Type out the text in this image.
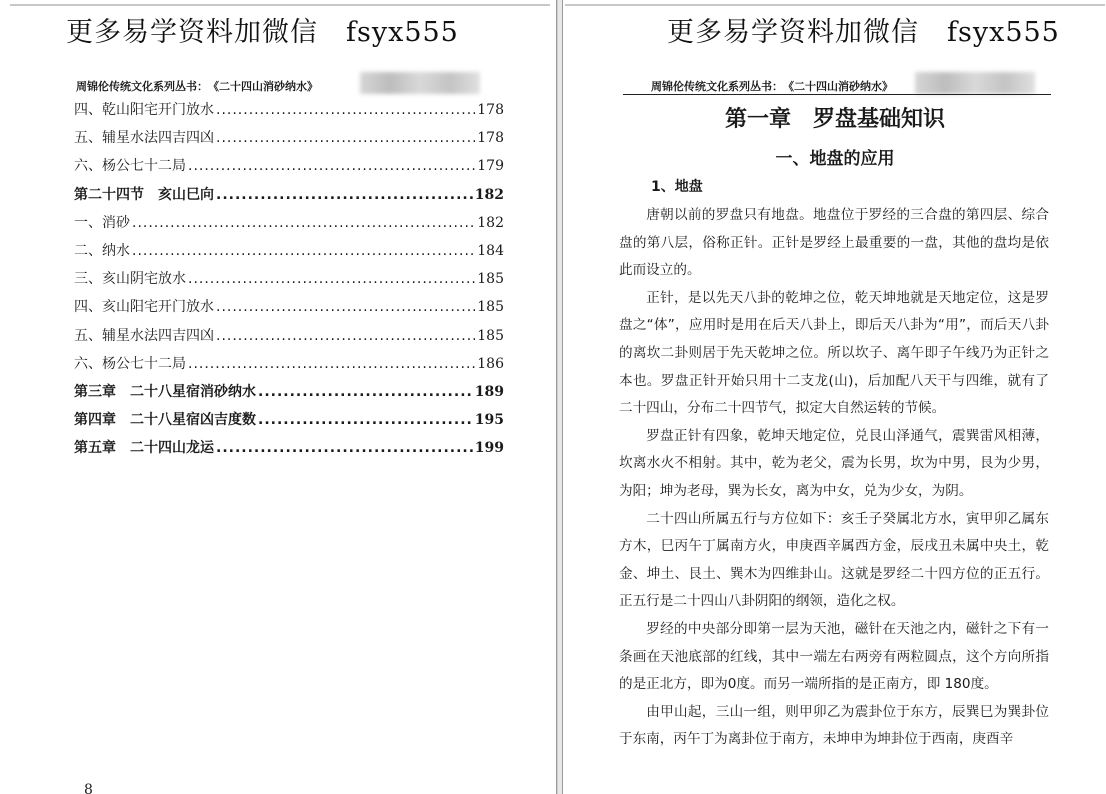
更多易学资料加微信　fsyx555
周锦伦传统文化系列丛书：　《二十四山消砂纳水》
四、乾山阳宅开门放水 .....	178
五、辅星水法四吉四凶 .....	178
六、杨公七十二局 .....	179
第二十四节　亥山巳向 .....	182
一、消砂 .....	182
二、纳水 .....	184
三、亥山阴宅放水 .....	185
四、亥山阳宅开门放水 .....	185
五、辅星水法四吉四凶 .....	185
六、杨公七十二局 .....	186
第三章　二十八星宿消砂纳水 .....	189
第四章　二十八星宿凶吉度数 .....	195
第五章　二十四山龙运 .....	199
8
更多易学资料加微信　fsyx555
周锦伦传统文化系列丛书：　《二十四山消砂纳水》
第一章　罗盘基础知识
一、地盘的应用
1、地盘

唐朝以前的罗盘只有地盘。地盘位于罗经的三合盘的第四层、综合盘的第八层，俗称正针。正针是罗经上最重要的一盘，其他的盘均是依此而设立的。

正针，是以先天八卦的乾坤之位，乾天坤地就是天地定位，这是罗盘之“体”，应用时是用在后天八卦上，即后天八卦为“用”，而后天八卦的离坎二卦则居于先天乾坤之位。所以坎子、离午即子午线乃为正针之本也。罗盘正针开始只用十二支龙(山)，后加配八天干与四维，就有了二十四山，分布二十四节气，拟定大自然运转的节候。

罗盘正针有四象，乾坤天地定位，兑艮山泽通气，震巽雷风相薄，坎离水火不相射。其中，乾为老父，震为长男，坎为中男，艮为少男，为阳；坤为老母，巽为长女，离为中女，兑为少女，为阴。

二十四山所属五行与方位如下：亥壬子癸属北方水，寅甲卯乙属东方木，巳丙午丁属南方火，申庚酉辛属西方金，辰戌丑未属中央土，乾金、坤土、艮土、巽木为四维卦山。这就是罗经二十四方位的正五行。正五行是二十四山八卦阴阳的纲领，造化之权。

罗经的中央部分即第一层为天池，磁针在天池之内，磁针之下有一条画在天池底部的红线，其中一端左右两旁有两粒圆点，这个方向所指的是正北方，即为0度。而另一端所指的是正南方，即 180度。

由甲山起，三山一组，则甲卯乙为震卦位于东方，辰巽巳为巽卦位于东南，丙午丁为离卦位于南方，未坤申为坤卦位于西南，庚酉辛
